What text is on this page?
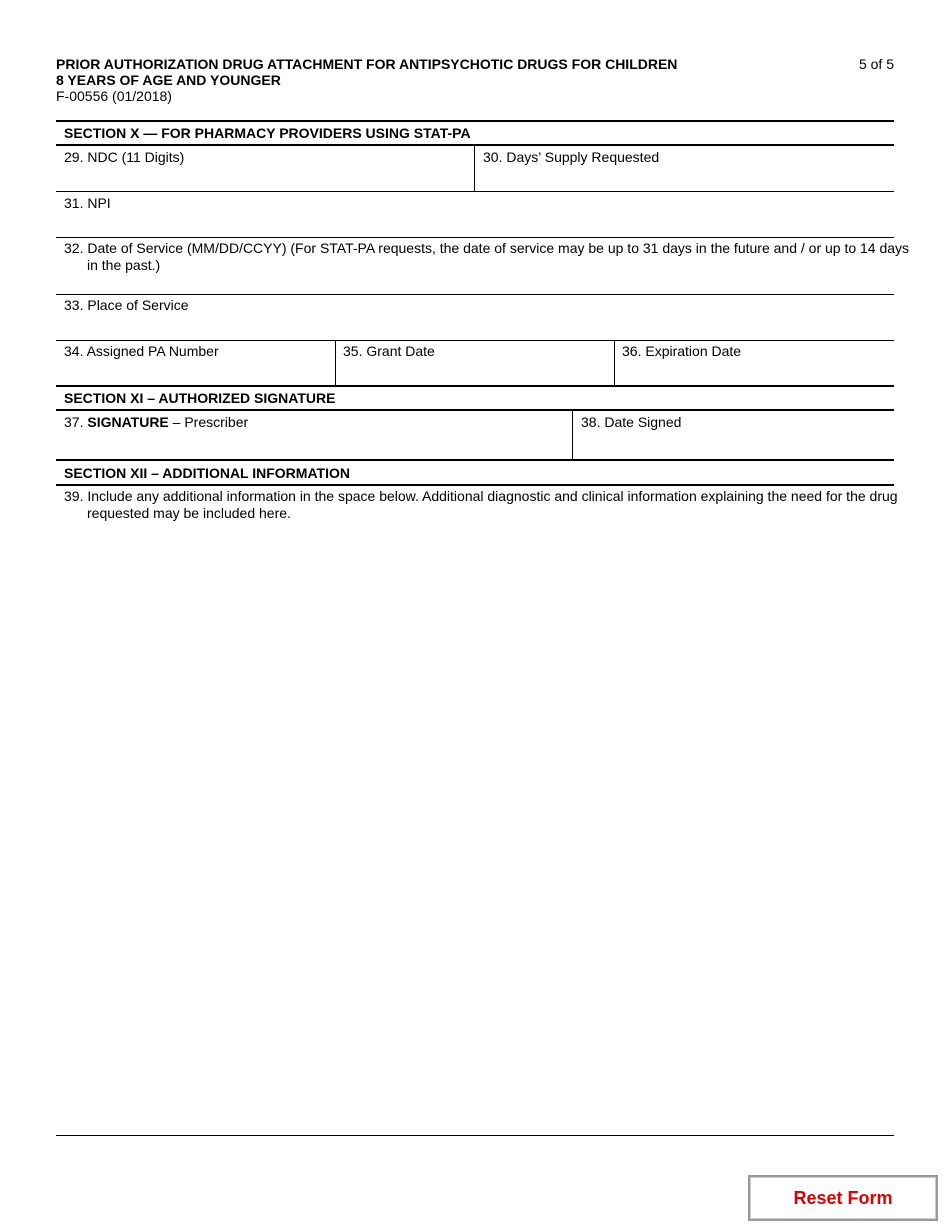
PRIOR AUTHORIZATION DRUG ATTACHMENT FOR ANTIPSYCHOTIC DRUGS FOR CHILDREN
8 YEARS OF AGE AND YOUNGER
F-00556 (01/2018)
5 of 5
SECTION X — FOR PHARMACY PROVIDERS USING STAT-PA
29. NDC (11 Digits)	30. Days’ Supply Requested
31. NPI
32. Date of Service (MM/DD/CCYY) (For STAT-PA requests, the date of service may be up to 31 days in the future and / or up to 14 days in the past.)
33. Place of Service
34. Assigned PA Number	35. Grant Date	36. Expiration Date
SECTION XI – AUTHORIZED SIGNATURE
37. SIGNATURE – Prescriber	38. Date Signed
SECTION XII – ADDITIONAL INFORMATION
39. Include any additional information in the space below. Additional diagnostic and clinical information explaining the need for the drug requested may be included here.
Reset Form
